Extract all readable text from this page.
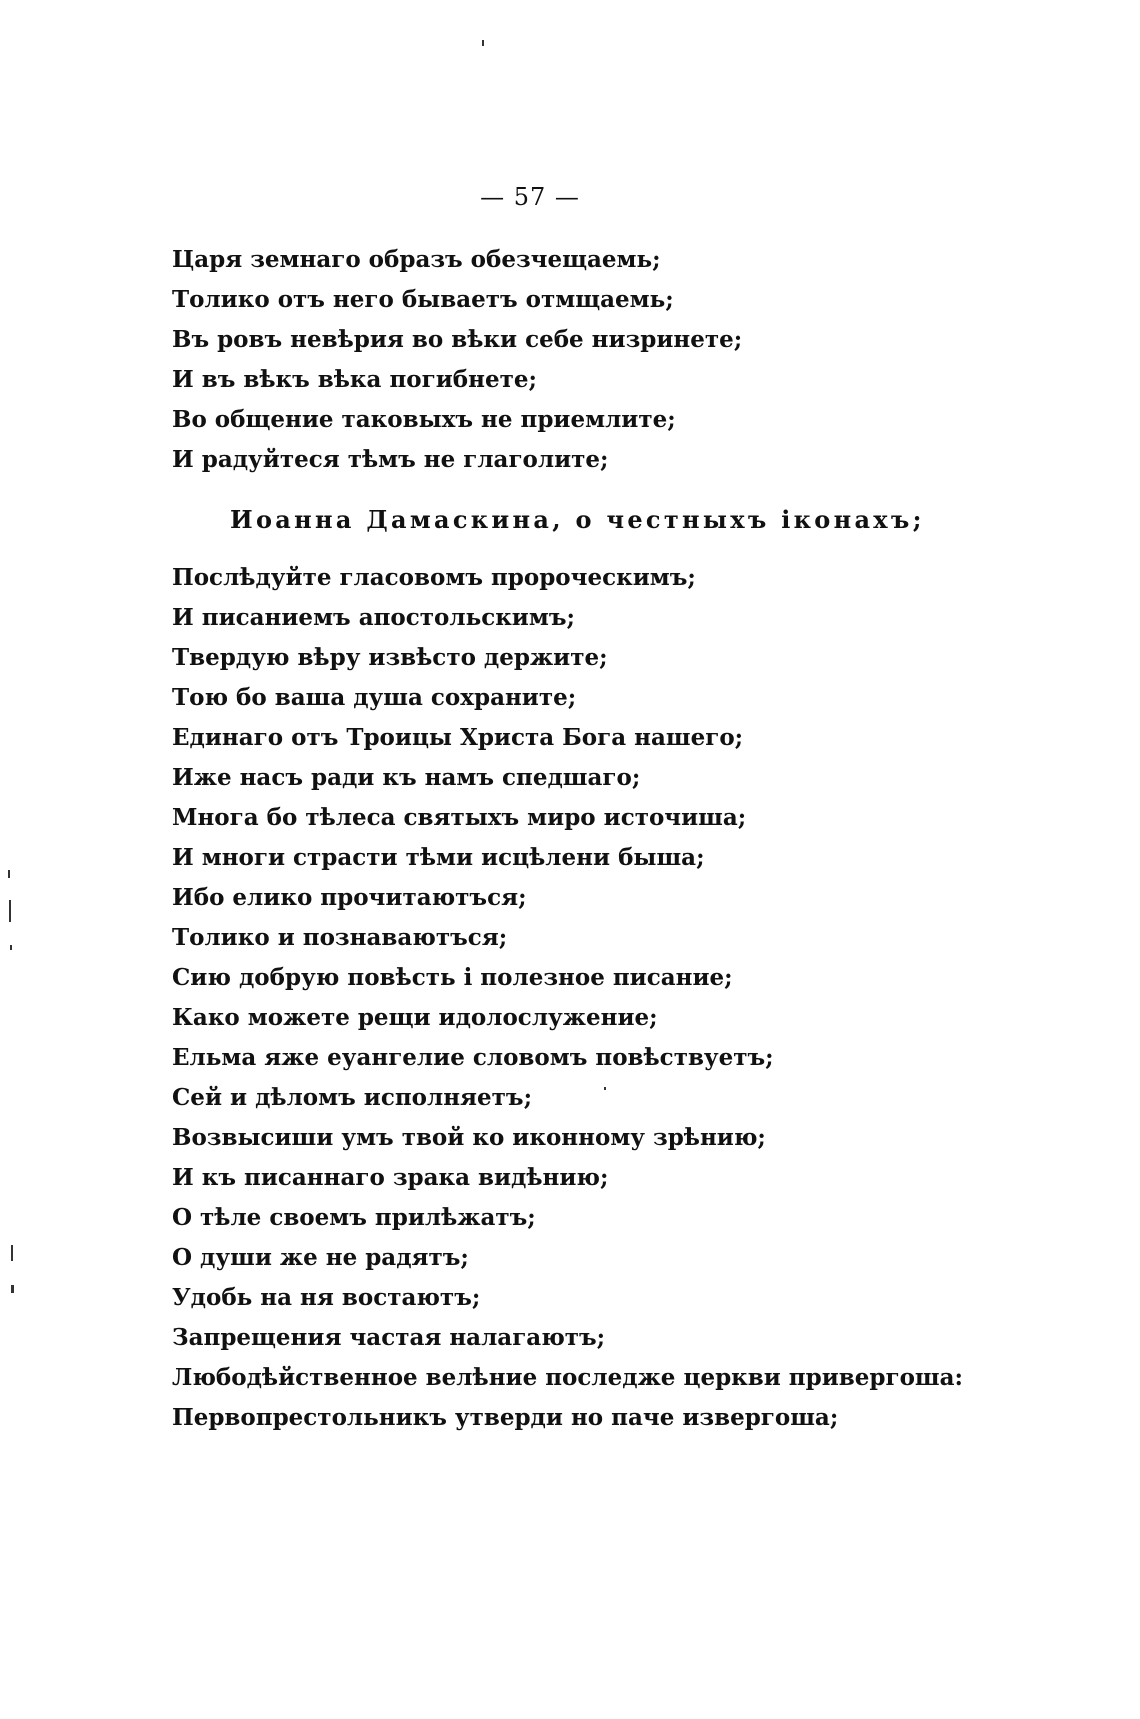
— 57 —
Царя земнаго образъ обезчещаемь;
Толико отъ него бываетъ отмщаемь;
Въ ровъ невѣрия во вѣки себе низринете;
И въ вѣкъ вѣка погибнете;
Во общение таковыхъ не приемлите;
И радуйтеся тѣмъ не глаголите;
Иоанна Дамаскина, о честныхъ iконахъ;
Послѣдуйте гласовомъ пророческимъ;
И писаниемъ апостольскимъ;
Твердую вѣру извѣсто держите;
Тою бо ваша душа сохраните;
Единаго отъ Троицы Христа Бога нашего;
Иже насъ ради къ намъ спедшаго;
Многа бо тѣлеса святыхъ миро источиша;
И многи страсти тѣми исцѣлени быша;
Ибо елико прочитаютъся;
Толико и познаваютъся;
Сию добрую повѣсть i полезное писание;
Како можете рещи идолослужение;
Ельма яже еуангелие словомъ повѣствуетъ;
Сей и дѣломъ исполняетъ;
Возвысиши умъ твой ко иконному зрѣнию;
И къ писаннаго зрака видѣнию;
О тѣле своемъ прилѣжатъ;
О души же не радятъ;
Удобь на ня востаютъ;
Запрещения частая налагаютъ;
Любодѣйственное велѣние последже церкви привергоша:
Первопрестольникъ утверди но паче извергоша;
